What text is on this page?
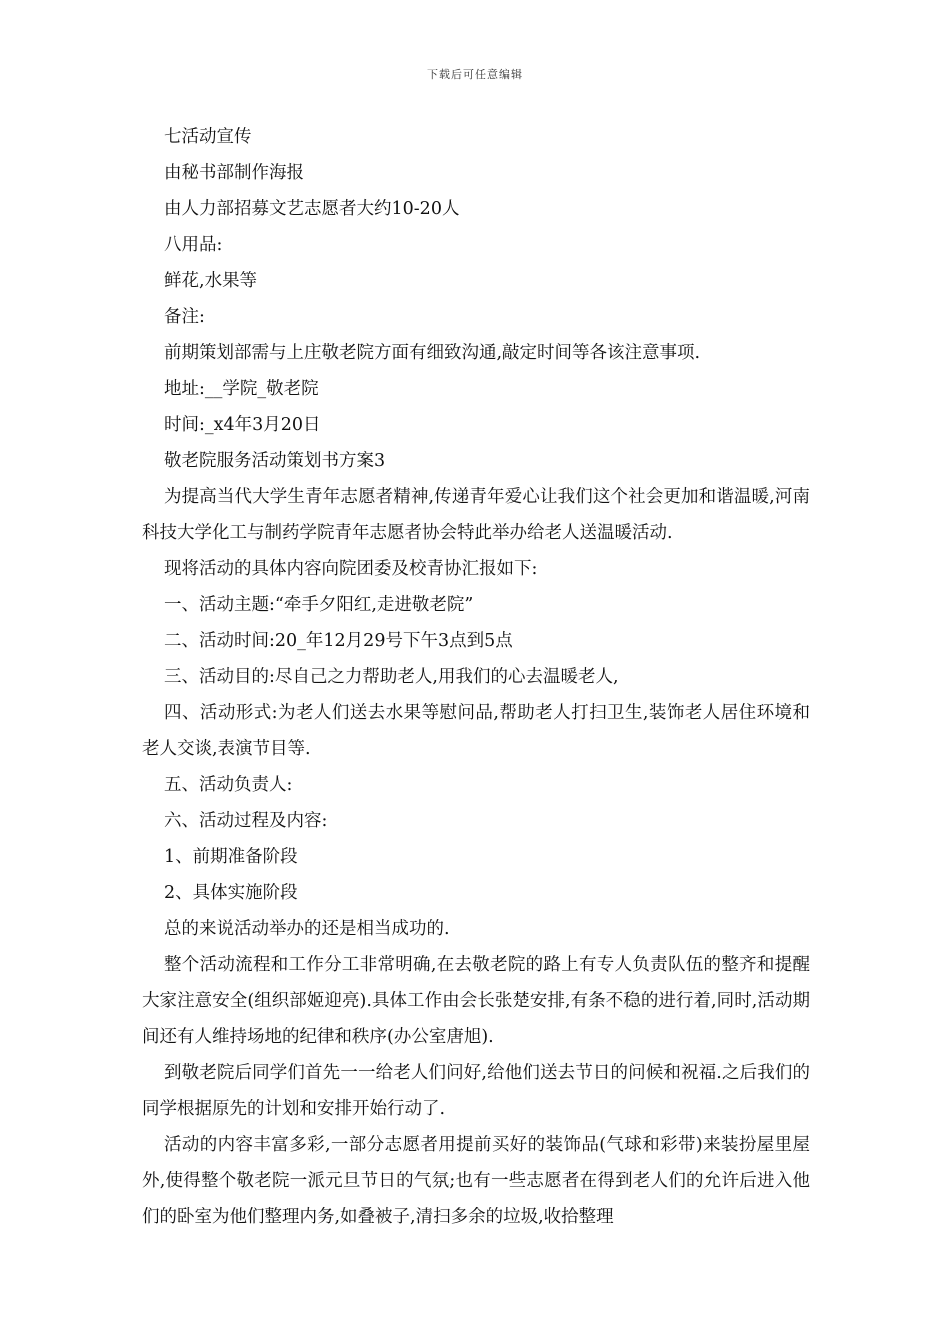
下载后可任意编辑

七活动宣传

由秘书部制作海报

由人力部招募文艺志愿者大约10-20人

八用品:

鲜花,水果等

备注:

前期策划部需与上庄敬老院方面有细致沟通,敲定时间等各该注意事项.

地址:__学院_敬老院

时间:_x4年3月20日

敬老院服务活动策划书方案3

为提高当代大学生青年志愿者精神,传递青年爱心让我们这个社会更加和谐温暖,河南科技大学化工与制药学院青年志愿者协会特此举办给老人送温暖活动.

现将活动的具体内容向院团委及校青协汇报如下:

一、活动主题:“牵手夕阳红,走进敬老院”

二、活动时间:20_年12月29号下午3点到5点

三、活动目的:尽自己之力帮助老人,用我们的心去温暖老人,

四、活动形式:为老人们送去水果等慰问品,帮助老人打扫卫生,装饰老人居住环境和老人交谈,表演节目等.

五、活动负责人:

六、活动过程及内容:

1、前期准备阶段

2、具体实施阶段

总的来说活动举办的还是相当成功的.

整个活动流程和工作分工非常明确,在去敬老院的路上有专人负责队伍的整齐和提醒大家注意安全(组织部姬迎亮).具体工作由会长张楚安排,有条不稳的进行着,同时,活动期间还有人维持场地的纪律和秩序(办公室唐旭).

到敬老院后同学们首先一一给老人们问好,给他们送去节日的问候和祝福.之后我们的同学根据原先的计划和安排开始行动了.

活动的内容丰富多彩,一部分志愿者用提前买好的装饰品(气球和彩带)来装扮屋里屋外,使得整个敬老院一派元旦节日的气氛;也有一些志愿者在得到老人们的允许后进入他们的卧室为他们整理内务,如叠被子,清扫多余的垃圾,收拾整理
